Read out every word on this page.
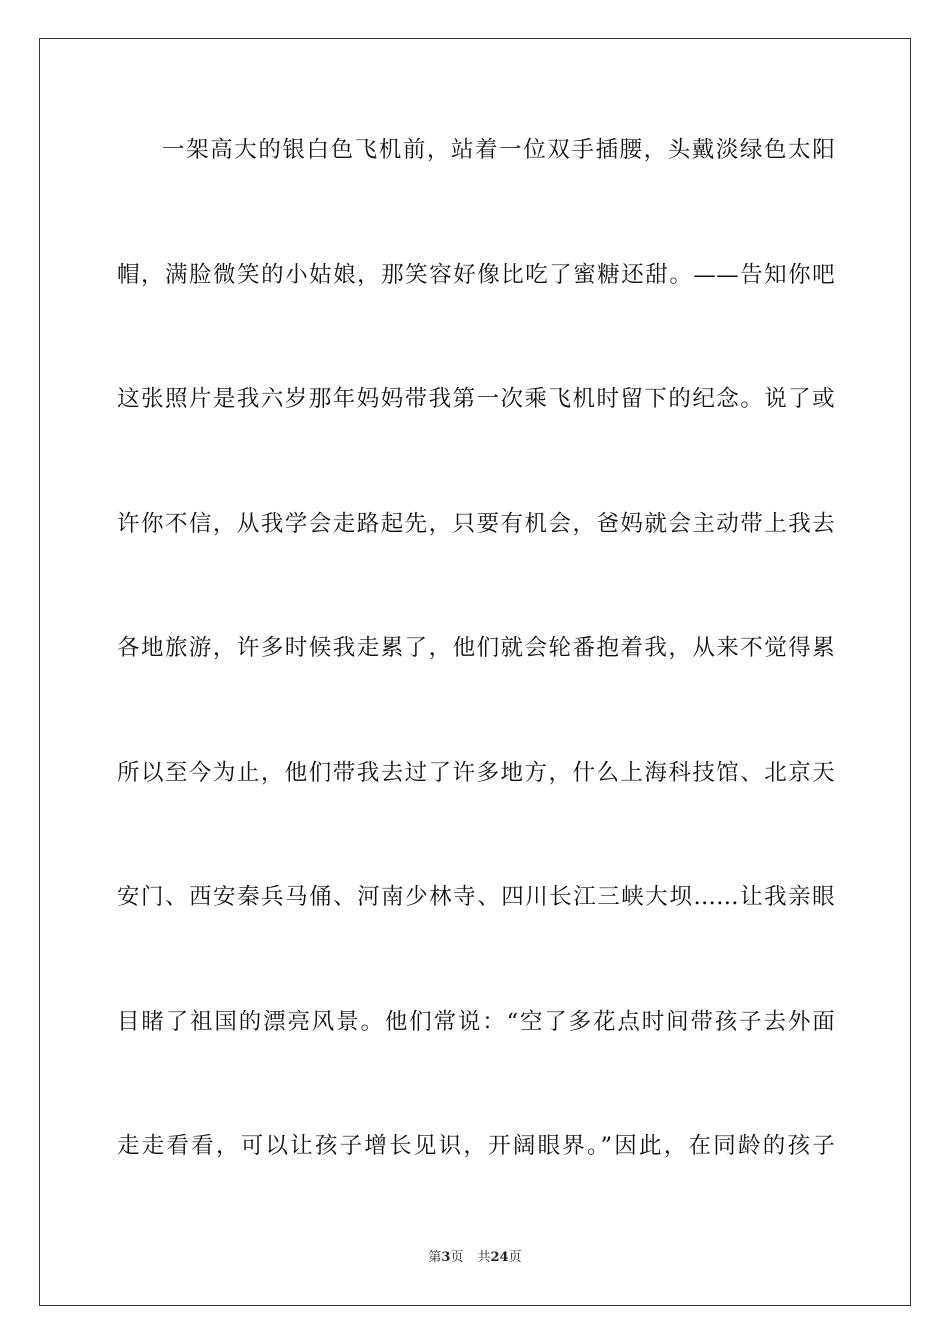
一架高大的银白色飞机前，站着一位双手插腰，头戴淡绿色太阳
帽，满脸微笑的小姑娘，那笑容好像比吃了蜜糖还甜。——告知你吧
这张照片是我六岁那年妈妈带我第一次乘飞机时留下的纪念。说了或
许你不信，从我学会走路起先，只要有机会，爸妈就会主动带上我去
各地旅游，许多时候我走累了，他们就会轮番抱着我，从来不觉得累
所以至今为止，他们带我去过了许多地方，什么上海科技馆、北京天
安门、西安秦兵马俑、河南少林寺、四川长江三峡大坝……让我亲眼
目睹了祖国的漂亮风景。他们常说：“空了多花点时间带孩子去外面
走走看看，可以让孩子增长见识，开阔眼界。”因此，在同龄的孩子
第3页 共24页
